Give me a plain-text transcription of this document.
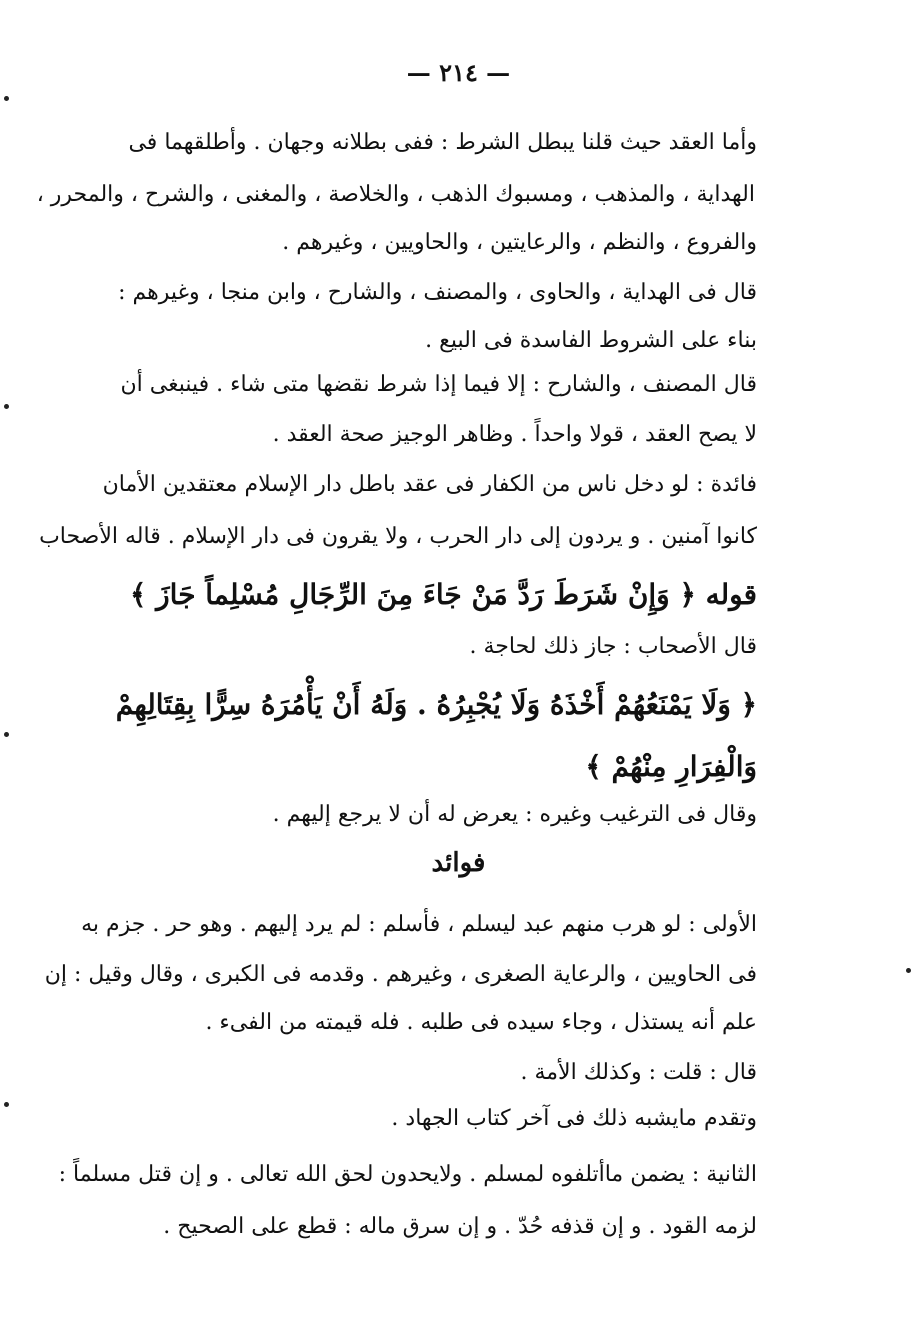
— ٢١٤ —
وأما العقد حيث قلنا يبطل الشرط : ففى بطلانه وجهان . وأطلقهما فى
الهداية ، والمذهب ، ومسبوك الذهب ، والخلاصة ، والمغنى ، والشرح ، والمحرر ،
والفروع ، والنظم ، والرعايتين ، والحاويين ، وغيرهم .
قال فى الهداية ، والحاوى ، والمصنف ، والشارح ، وابن منجا ، وغيرهم :
بناء على الشروط الفاسدة فى البيع .
قال المصنف ، والشارح : إلا فيما إذا شرط نقضها متى شاء . فينبغى أن
لا يصح العقد ، قولا واحداً . وظاهر الوجيز صحة العقد .
فائدة : لو دخل ناس من الكفار فى عقد باطل دار الإسلام معتقدين الأمان
كانوا آمنين . و يردون إلى دار الحرب ، ولا يقرون فى دار الإسلام . قاله الأصحاب
قوله ﴿ وَإِنْ شَرَطَ رَدَّ مَنْ جَاءَ مِنَ الرِّجَالِ مُسْلِماً جَازَ ﴾
قال الأصحاب : جاز ذلك لحاجة .
﴿ وَلَا يَمْنَعُهُمْ أَخْذَهُ وَلَا يُجْبِرُهُ . وَلَهُ أَنْ يَأْمُرَهُ سِرًّا بِقِتَالِهِمْ
وَالْفِرَارِ مِنْهُمْ ﴾
وقال فى الترغيب وغيره : يعرض له أن لا يرجع إليهم .
فوائد
الأولى : لو هرب منهم عبد ليسلم ، فأسلم : لم يرد إليهم . وهو حر . جزم به
فى الحاويين ، والرعاية الصغرى ، وغيرهم . وقدمه فى الكبرى ، وقال وقيل : إن
علم أنه يستذل ، وجاء سيده فى طلبه . فله قيمته من الفىء .
قال : قلت : وكذلك الأمة .
وتقدم مايشبه ذلك فى آخر كتاب الجهاد .
الثانية : يضمن ماأتلفوه لمسلم . ولايحدون لحق الله تعالى . و إن قتل مسلماً :
لزمه القود . و إن قذفه حُدّ . و إن سرق ماله : قطع على الصحيح .
